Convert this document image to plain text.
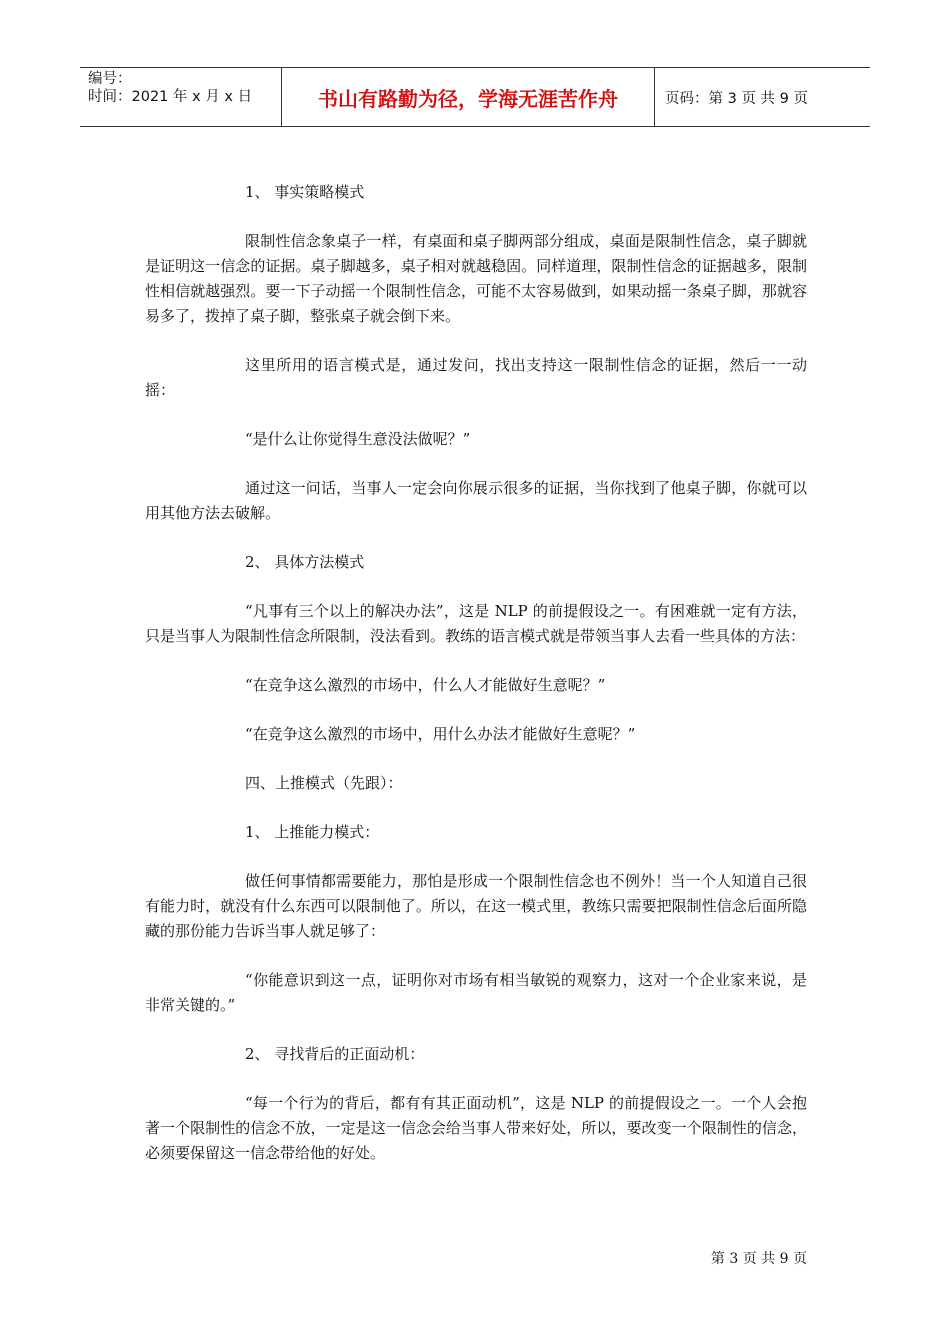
编号：
时间：2021 年 x 月 x 日	书山有路勤为径，学海无涯苦作舟	页码：第 3 页 共 9 页

1、 事实策略模式

限制性信念象桌子一样，有桌面和桌子脚两部分组成，桌面是限制性信念，桌子脚就是证明这一信念的证据。桌子脚越多，桌子相对就越稳固。同样道理，限制性信念的证据越多，限制性相信就越强烈。要一下子动摇一个限制性信念，可能不太容易做到，如果动摇一条桌子脚，那就容易多了，拨掉了桌子脚，整张桌子就会倒下来。

这里所用的语言模式是，通过发问，找出支持这一限制性信念的证据，然后一一动摇：

“是什么让你觉得生意没法做呢？”

通过这一问话，当事人一定会向你展示很多的证据，当你找到了他桌子脚，你就可以用其他方法去破解。

2、 具体方法模式

“凡事有三个以上的解决办法”，这是 NLP 的前提假设之一。有困难就一定有方法，只是当事人为限制性信念所限制，没法看到。教练的语言模式就是带领当事人去看一些具体的方法：

“在竞争这么激烈的市场中，什么人才能做好生意呢？”

“在竞争这么激烈的市场中，用什么办法才能做好生意呢？”

四、上推模式（先跟）：

1、 上推能力模式：

做任何事情都需要能力，那怕是形成一个限制性信念也不例外！当一个人知道自己很有能力时，就没有什么东西可以限制他了。所以，在这一模式里，教练只需要把限制性信念后面所隐藏的那份能力告诉当事人就足够了：

“你能意识到这一点，证明你对市场有相当敏锐的观察力，这对一个企业家来说，是非常关键的。”

2、 寻找背后的正面动机：

“每一个行为的背后，都有有其正面动机”，这是 NLP 的前提假设之一。一个人会抱著一个限制性的信念不放，一定是这一信念会给当事人带来好处，所以，要改变一个限制性的信念，必须要保留这一信念带给他的好处。

第 3 页 共 9 页
